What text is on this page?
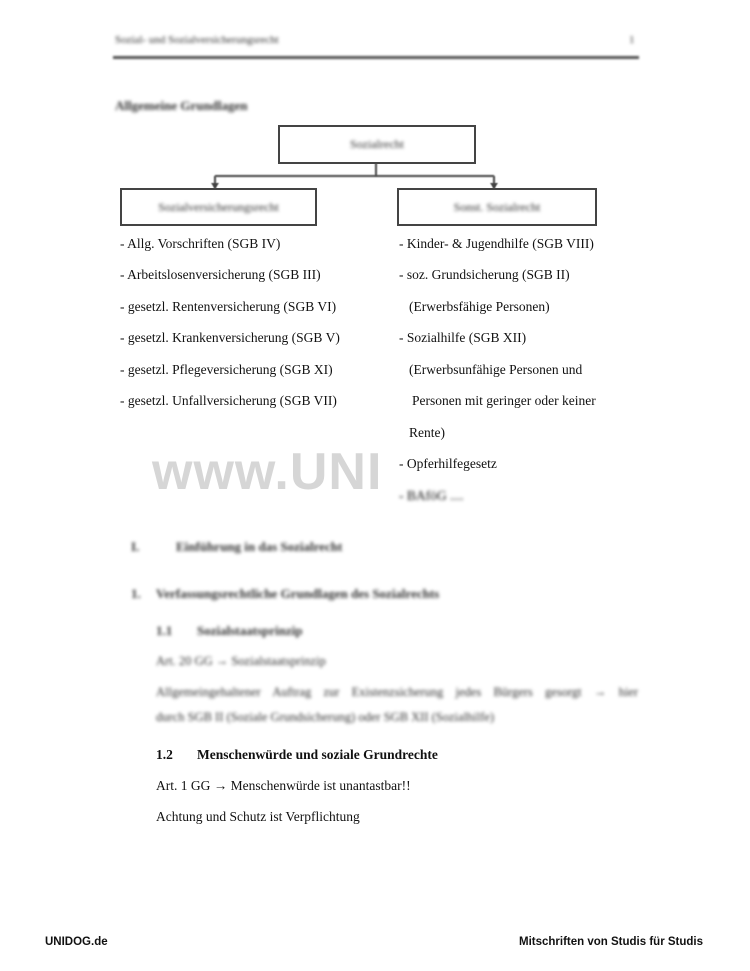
Sozial- und Sozialversicherungsrecht	1
Allgemeine Grundlagen
Sozialrecht
Sozialversicherungsrecht	Sonst. Sozialrecht
www.UNI
- Allg. Vorschriften (SGB IV)
- Arbeitslosenversicherung (SGB III)
- gesetzl. Rentenversicherung (SGB VI)
- gesetzl. Krankenversicherung (SGB V)
- gesetzl. Pflegeversicherung (SGB XI)
- gesetzl. Unfallversicherung (SGB VII)
- Kinder- & Jugendhilfe (SGB VIII)
- soz. Grundsicherung (SGB II)
(Erwerbsfähige Personen)
- Sozialhilfe (SGB XII)
(Erwerbsunfähige Personen und
Personen mit geringer oder keiner
Rente)
- Opferhilfegesetz
- BAföG ....
I.	Einführung in das Sozialrecht
1. Verfassungsrechtliche Grundlagen des Sozialrechts
1.1 Sozialstaatsprinzip
Art. 20 GG → Sozialstaatsprinzip
Allgemeingehaltener Auftrag zur Existenzsicherung jedes Bürgers gesorgt → hier
durch SGB II (Soziale Grundsicherung) oder SGB XII (Sozialhilfe)
1.2 Menschenwürde und soziale Grundrechte
Art. 1 GG → Menschenwürde ist unantastbar!!
Achtung und Schutz ist Verpflichtung
UNIDOG.de	Mitschriften von Studis für Studis
